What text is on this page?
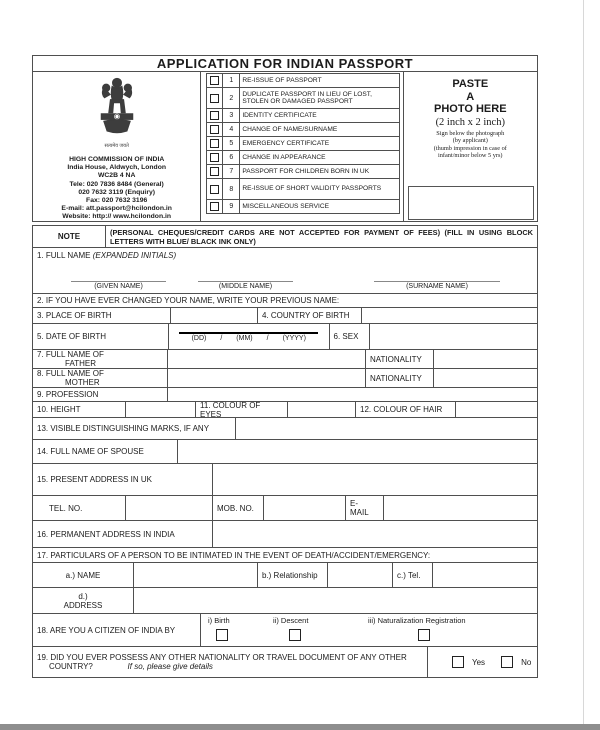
APPLICATION FOR INDIAN PASSPORT
सत्यमेव जयते
HIGH COMMISSION OF INDIA
India House, Aldwych, London
WC2B 4 NA
Tele: 020 7836 8484 (General)
020 7632 3119 (Enquiry)
Fax: 020 7632 3196
E-mail: att.passport@hcilondon.in
Website: http:// www.hcilondon.in
1	RE-ISSUE OF PASSPORT
2
DUPLICATE PASSPORT IN LIEU OF LOST, STOLEN OR DAMAGED PASSPORT
3	IDENTITY CERTIFICATE
4	CHANGE OF NAME/SURNAME
5	EMERGENCY CERTIFICATE
6	CHANGE IN APPEARANCE
7	PASSPORT FOR CHILDREN BORN IN UK
8	RE-ISSUE OF SHORT VALIDITY PASSPORTS
9	MISCELLANEOUS SERVICE
PASTE
A
PHOTO HERE
(2 inch x 2 inch)
Sign below the photograph
(by applicant)
(thumb impression in case of
infant/minor below 5 yrs)
NOTE	(PERSONAL CHEQUES/CREDIT CARDS ARE NOT ACCEPTED FOR PAYMENT OF FEES) (FILL IN USING BLOCK LETTERS WITH BLUE/ BLACK INK ONLY)
1. FULL NAME
(EXPANDED INITIALS)
(GIVEN NAME)	(MIDDLE NAME)	(SURNAME NAME)
2. IF YOU HAVE EVER CHANGED YOUR NAME, WRITE YOUR PREVIOUS NAME:
3. PLACE OF BIRTH	4. COUNTRY OF BIRTH
5. DATE OF BIRTH	(DD) / (MM) / (YYYY)	6. SEX
7. FULL NAME OF
FATHER	NATIONALITY
8. FULL NAME OF
MOTHER	NATIONALITY
9. PROFESSION
10. HEIGHT	11. COLOUR OF EYES	12. COLOUR OF HAIR
13. VISIBLE DISTINGUISHING MARKS, IF ANY
14. FULL NAME OF SPOUSE
15. PRESENT ADDRESS IN UK
TEL. NO.	MOB. NO.	E-
MAIL
16. PERMANENT ADDRESS IN INDIA
17. PARTICULARS OF A PERSON TO BE INTIMATED IN THE EVENT OF DEATH/ACCIDENT/EMERGENCY:
a.) NAME	b.) Relationship	c.) Tel.
d.)
ADDRESS
18. ARE YOU A CITIZEN OF INDIA BY
i) Birth	ii) Descent	iii) Naturalization Registration
19. DID YOU EVER POSSESS ANY OTHER NATIONALITY OR TRAVEL DOCUMENT OF ANY OTHER
COUNTRY?	If so, please give details	Yes	No
